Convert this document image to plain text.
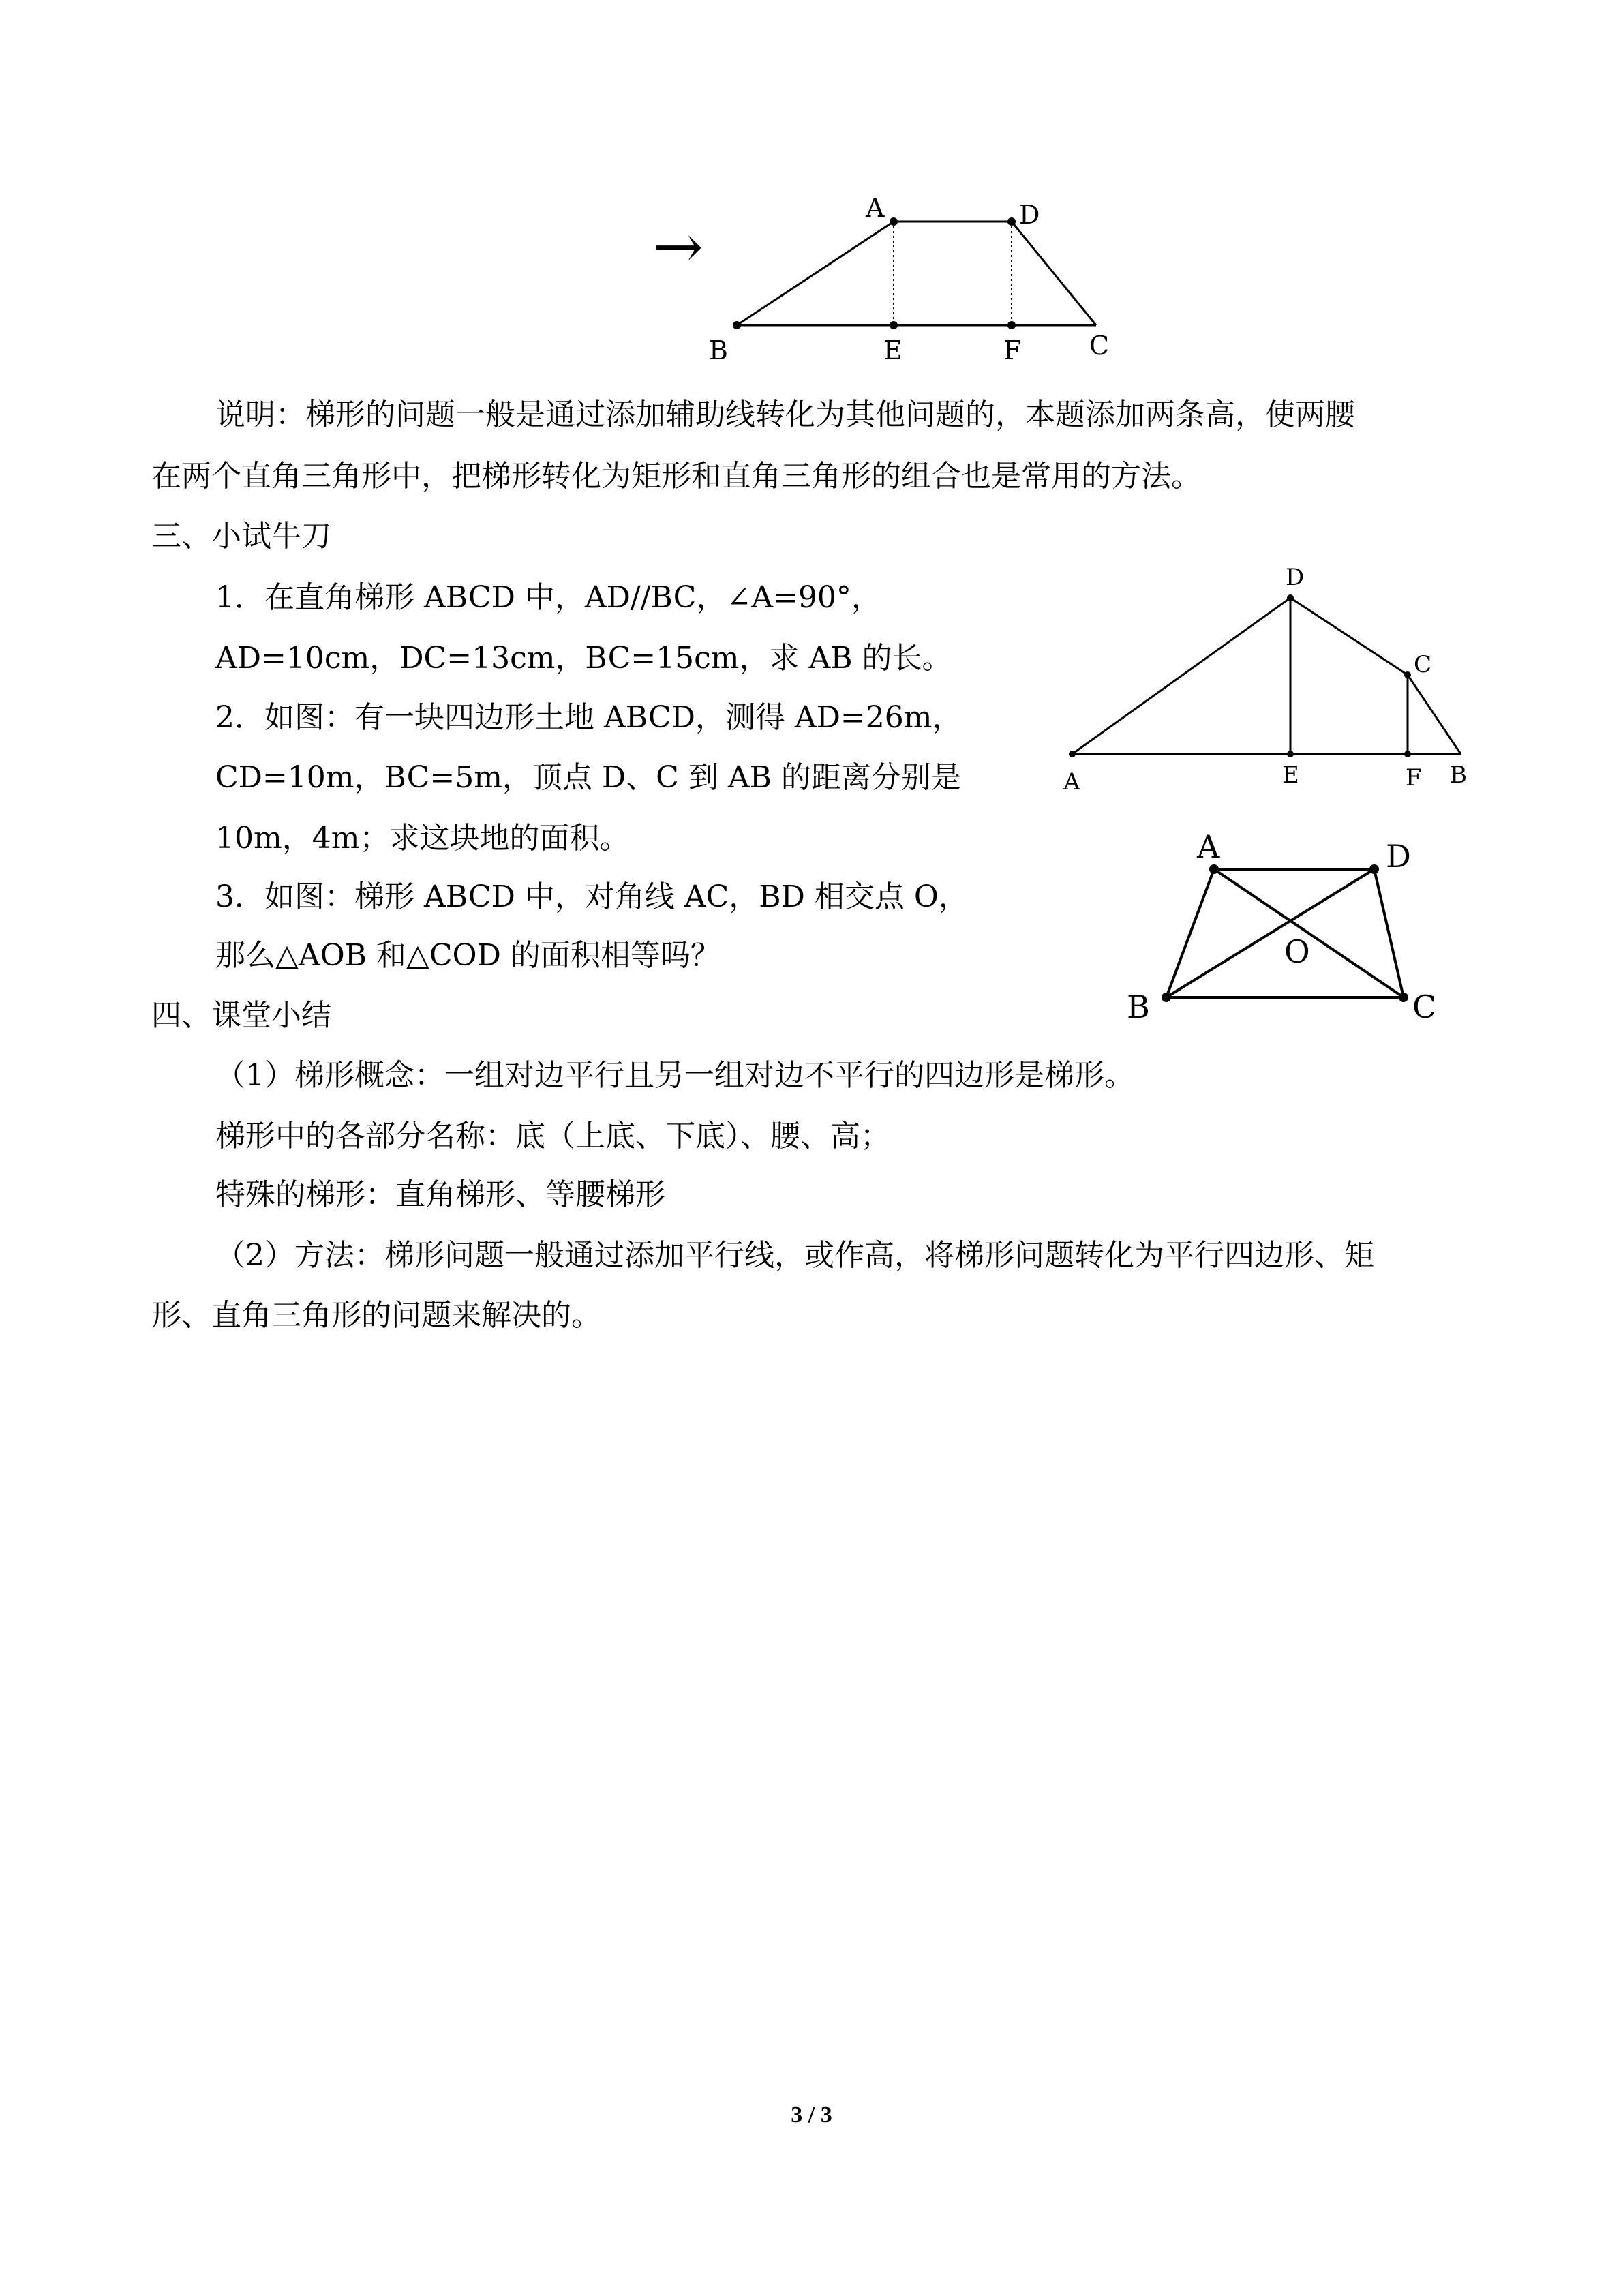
→
A	D
B	E	F	C

说明：梯形的问题一般是通过添加辅助线转化为其他问题的，本题添加两条高，使两腰

在两个直角三角形中，把梯形转化为矩形和直角三角形的组合也是常用的方法。

三、小试牛刀

1．在直角梯形 ABCD 中，AD//BC，∠A=90°，

AD=10cm，DC=13cm，BC=15cm，求 AB 的长。

2．如图：有一块四边形土地 ABCD，测得 AD=26m，

CD=10m，BC=5m，顶点 D、C 到 AB 的距离分别是

10m，4m；求这块地的面积。

3．如图：梯形 ABCD 中，对角线 AC，BD 相交点 O，

那么△AOB 和△COD 的面积相等吗？

D
C
A	E	F B
A	D
O
B	C

四、课堂小结

（1）梯形概念：一组对边平行且另一组对边不平行的四边形是梯形。

梯形中的各部分名称：底（上底、下底）、腰、高；

特殊的梯形：直角梯形、等腰梯形

（2）方法：梯形问题一般通过添加平行线，或作高，将梯形问题转化为平行四边形、矩

形、直角三角形的问题来解决的。

3 / 3
